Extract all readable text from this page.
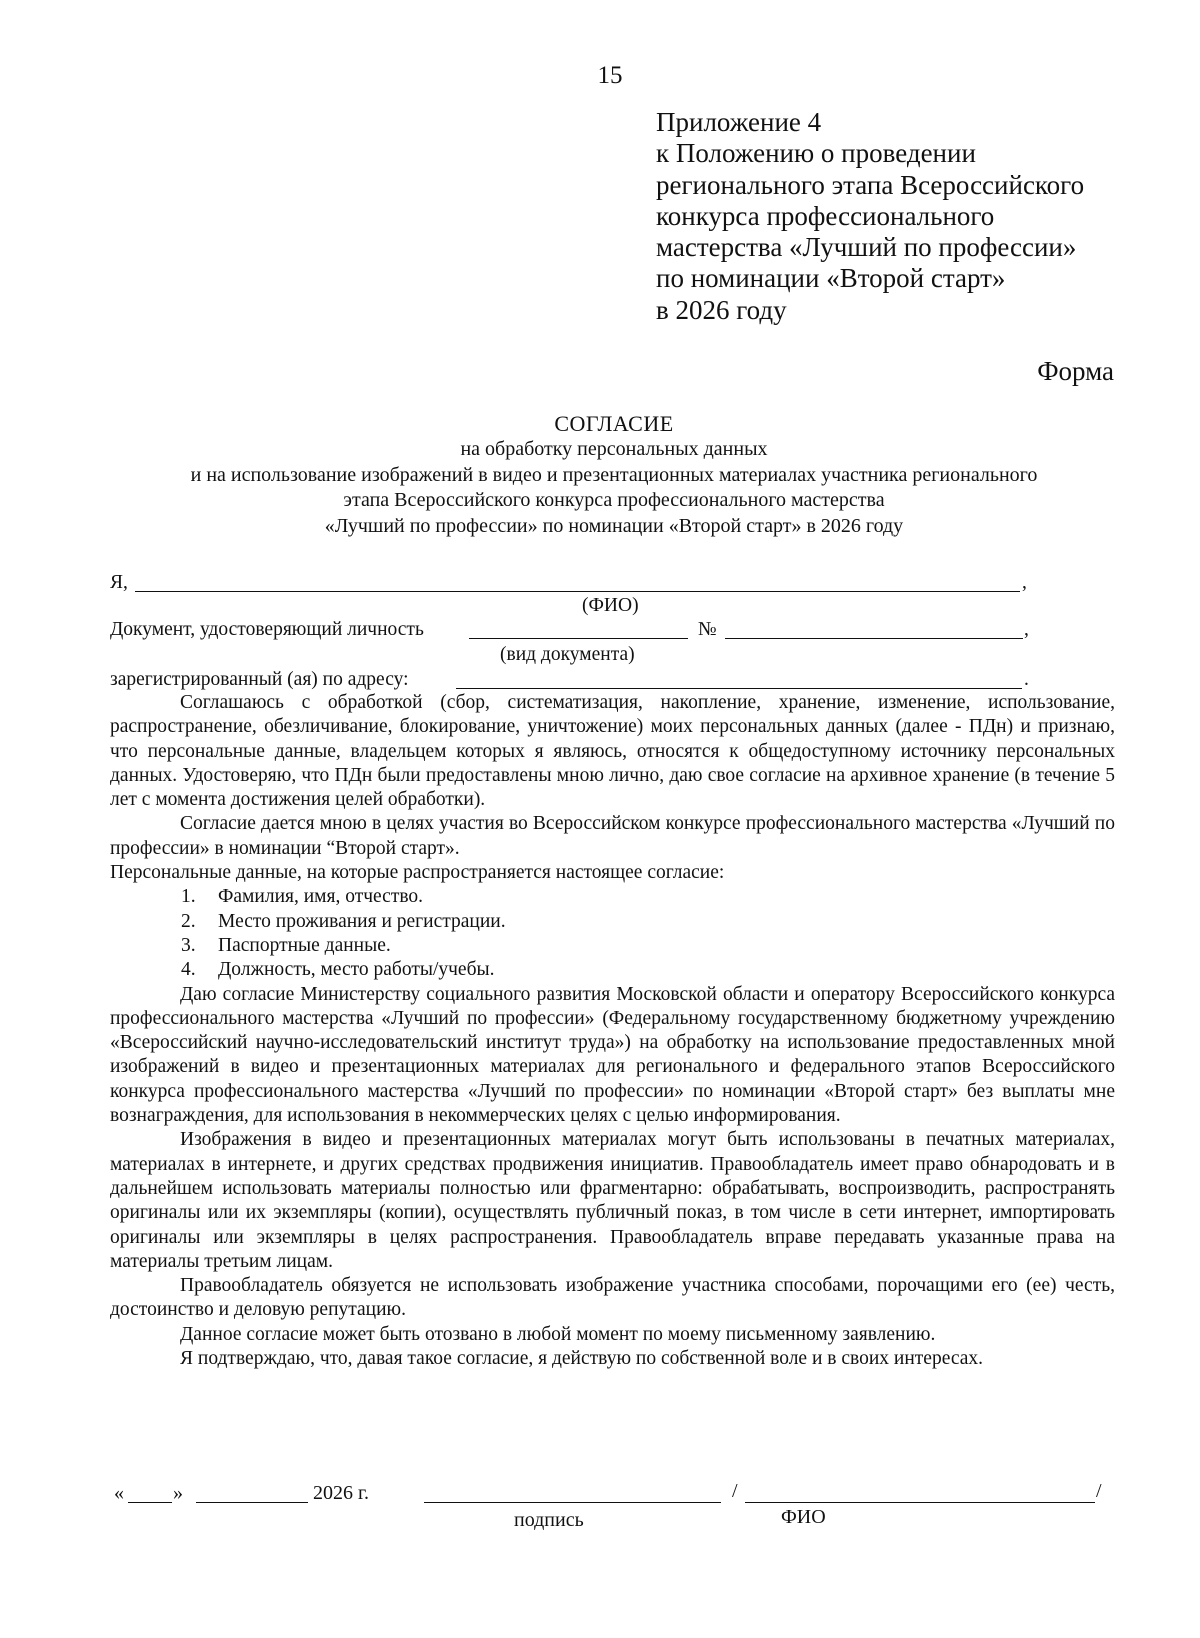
15
Приложение 4
к Положению о проведении
регионального этапа Всероссийского
конкурса профессионального
мастерства «Лучший по профессии»
по номинации «Второй старт»
в 2026 году
Форма
СОГЛАСИЕ
на обработку персональных данных
и на использование изображений в видео и презентационных материалах участника регионального
этапа Всероссийского конкурса профессионального мастерства
«Лучший по профессии» по номинации «Второй старт» в 2026 году
Я,	,
(ФИО)
Документ, удостоверяющий личность	№	,
(вид документа)
зарегистрированный (ая) по адресу:	.

Соглашаюсь с обработкой (сбор, систематизация, накопление, хранение, изменение, использование, распространение, обезличивание, блокирование, уничтожение) моих персональных данных (далее - ПДн) и признаю, что персональные данные, владельцем которых я являюсь, относятся к общедоступному источнику персональных данных. Удостоверяю, что ПДн были предоставлены мною лично, даю свое согласие на архивное хранение (в течение 5 лет с момента достижения целей обработки).

Согласие дается мною в целях участия во Всероссийском конкурсе профессионального мастерства «Лучший по профессии» в номинации “Второй старт».

Персональные данные, на которые распространяется настоящее согласие:

1. Фамилия, имя, отчество.
2. Место проживания и регистрации.
3. Паспортные данные.
4. Должность, место работы/учебы.

Даю согласие Министерству социального развития Московской области и оператору Всероссийского конкурса профессионального мастерства «Лучший по профессии» (Федеральному государственному бюджетному учреждению «Всероссийский научно-исследовательский институт труда») на обработку на использование предоставленных мной изображений в видео и презентационных материалах для регионального и федерального этапов Всероссийского конкурса профессионального мастерства «Лучший по профессии» по номинации «Второй старт» без выплаты мне вознаграждения, для использования в некоммерческих целях с целью информирования.

Изображения в видео и презентационных материалах могут быть использованы в печатных материалах, материалах в интернете, и других средствах продвижения инициатив. Правообладатель имеет право обнародовать и в дальнейшем использовать материалы полностью или фрагментарно: обрабатывать, воспроизводить, распространять оригиналы или их экземпляры (копии), осуществлять публичный показ, в том числе в сети интернет, импортировать оригиналы или экземпляры в целях распространения. Правообладатель вправе передавать указанные права на материалы третьим лицам.

Правообладатель обязуется не использовать изображение участника способами, порочащими его (ее) честь, достоинство и деловую репутацию.

Данное согласие может быть отозвано в любой момент по моему письменному заявлению.

Я подтверждаю, что, давая такое согласие, я действую по собственной воле и в своих интересах.

« »	2026 г.	/	/
подпись	ФИО
